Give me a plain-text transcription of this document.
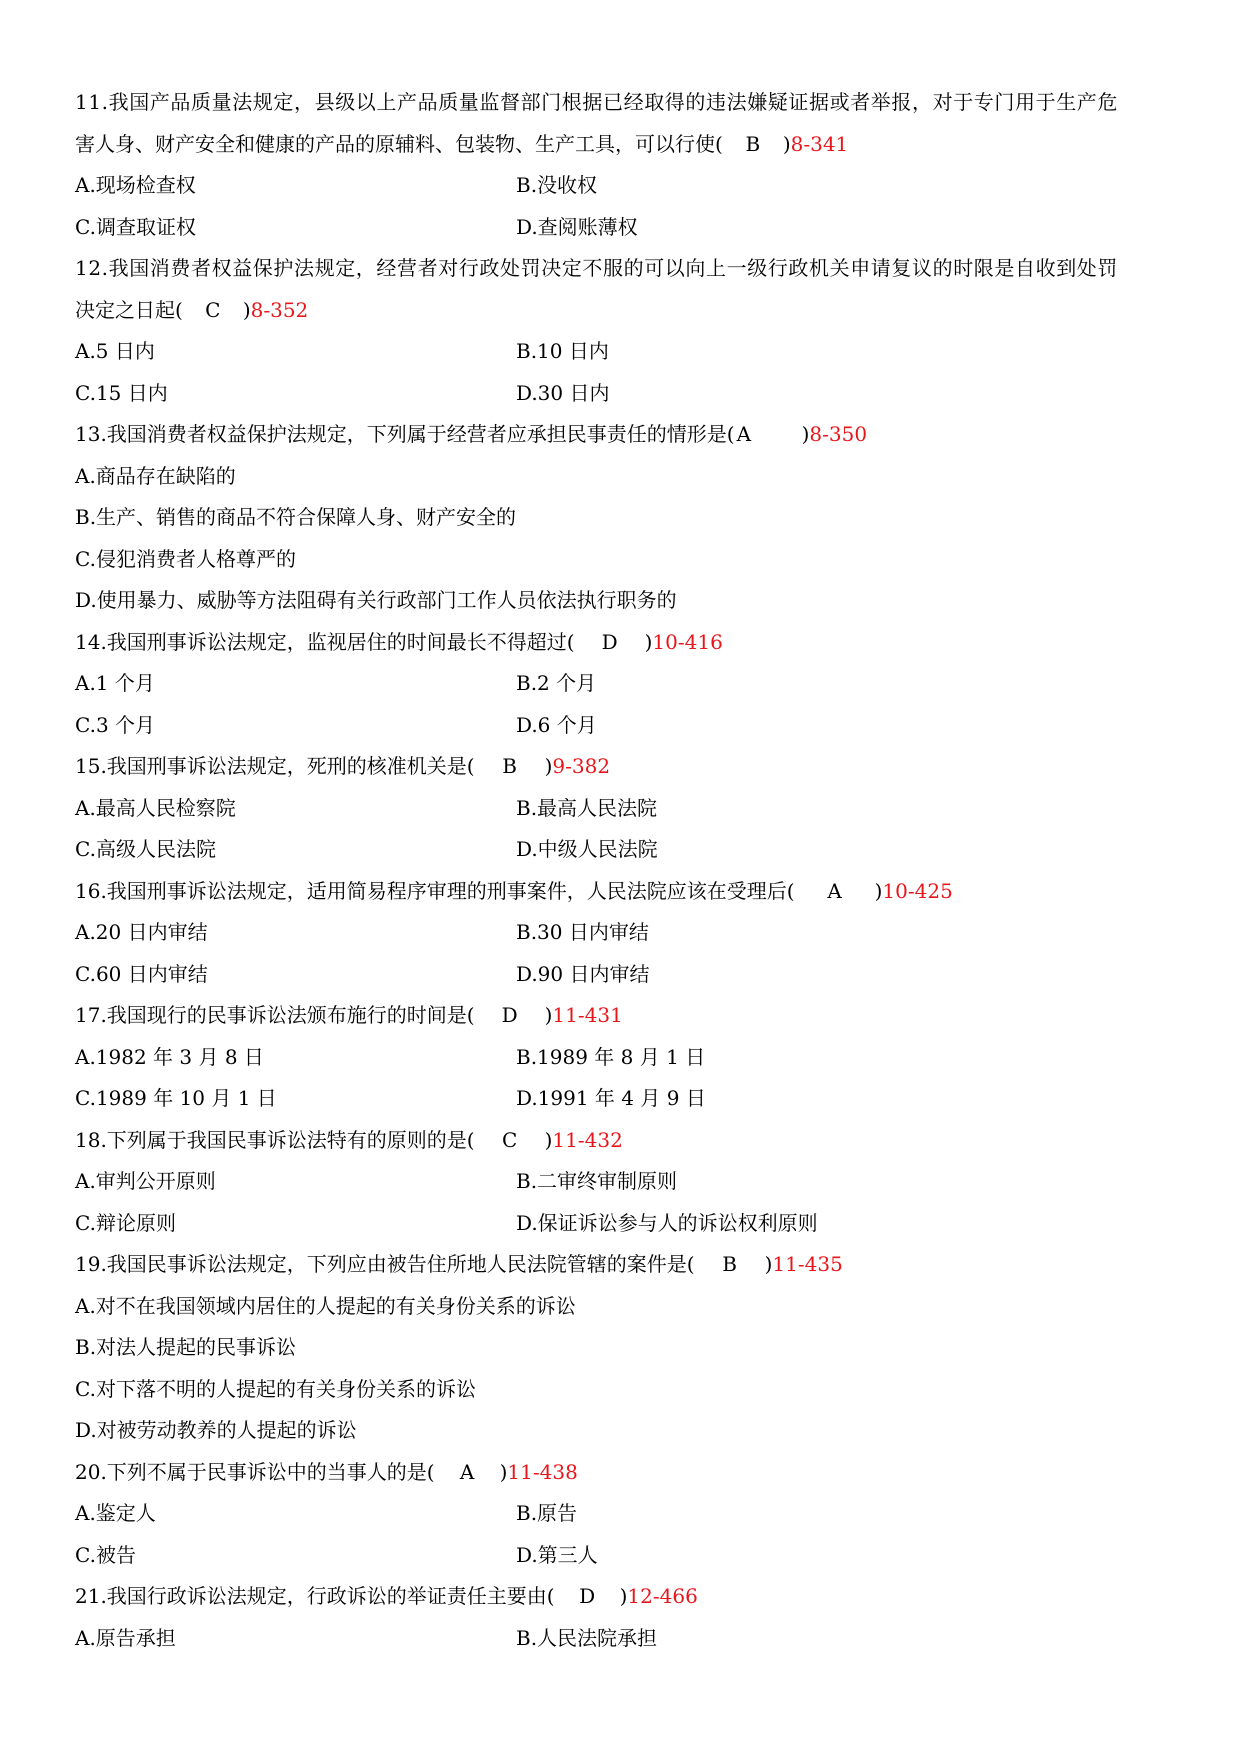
11.我国产品质量法规定，县级以上产品质量监督部门根据已经取得的违法嫌疑证据或者举报，对于专门用于生产危
害人身、财产安全和健康的产品的原辅料、包装物、生产工具，可以行使( B )8-341
A.现场检查权	B.没收权
C.调查取证权	D.查阅账薄权
12.我国消费者权益保护法规定，经营者对行政处罚决定不服的可以向上一级行政机关申请复议的时限是自收到处罚
决定之日起( C )8-352
A.5 日内	B.10 日内
C.15 日内	D.30 日内
13.我国消费者权益保护法规定，下列属于经营者应承担民事责任的情形是( A	)8-350
A.商品存在缺陷的
B.生产、销售的商品不符合保障人身、财产安全的
C.侵犯消费者人格尊严的
D.使用暴力、威胁等方法阻碍有关行政部门工作人员依法执行职务的
14.我国刑事诉讼法规定，监视居住的时间最长不得超过( D )10-416
A.1 个月	B.2 个月
C.3 个月	D.6 个月
15.我国刑事诉讼法规定，死刑的核准机关是( B )9-382
A.最高人民检察院	B.最高人民法院
C.高级人民法院	D.中级人民法院
16.我国刑事诉讼法规定，适用简易程序审理的刑事案件，人民法院应该在受理后( A )10-425
A.20 日内审结	B.30 日内审结
C.60 日内审结	D.90 日内审结
17.我国现行的民事诉讼法颁布施行的时间是( D )11-431
A.1982 年 3 月 8 日	B.1989 年 8 月 1 日
C.1989 年 10 月 1 日	D.1991 年 4 月 9 日
18.下列属于我国民事诉讼法特有的原则的是( C )11-432
A.审判公开原则	B.二审终审制原则
C.辩论原则	D.保证诉讼参与人的诉讼权利原则
19.我国民事诉讼法规定，下列应由被告住所地人民法院管辖的案件是( B )11-435
A.对不在我国领域内居住的人提起的有关身份关系的诉讼
B.对法人提起的民事诉讼
C.对下落不明的人提起的有关身份关系的诉讼
D.对被劳动教养的人提起的诉讼
20.下列不属于民事诉讼中的当事人的是( A )11-438
A.鉴定人	B.原告
C.被告	D.第三人
21.我国行政诉讼法规定，行政诉讼的举证责任主要由( D )12-466
A.原告承担	B.人民法院承担
